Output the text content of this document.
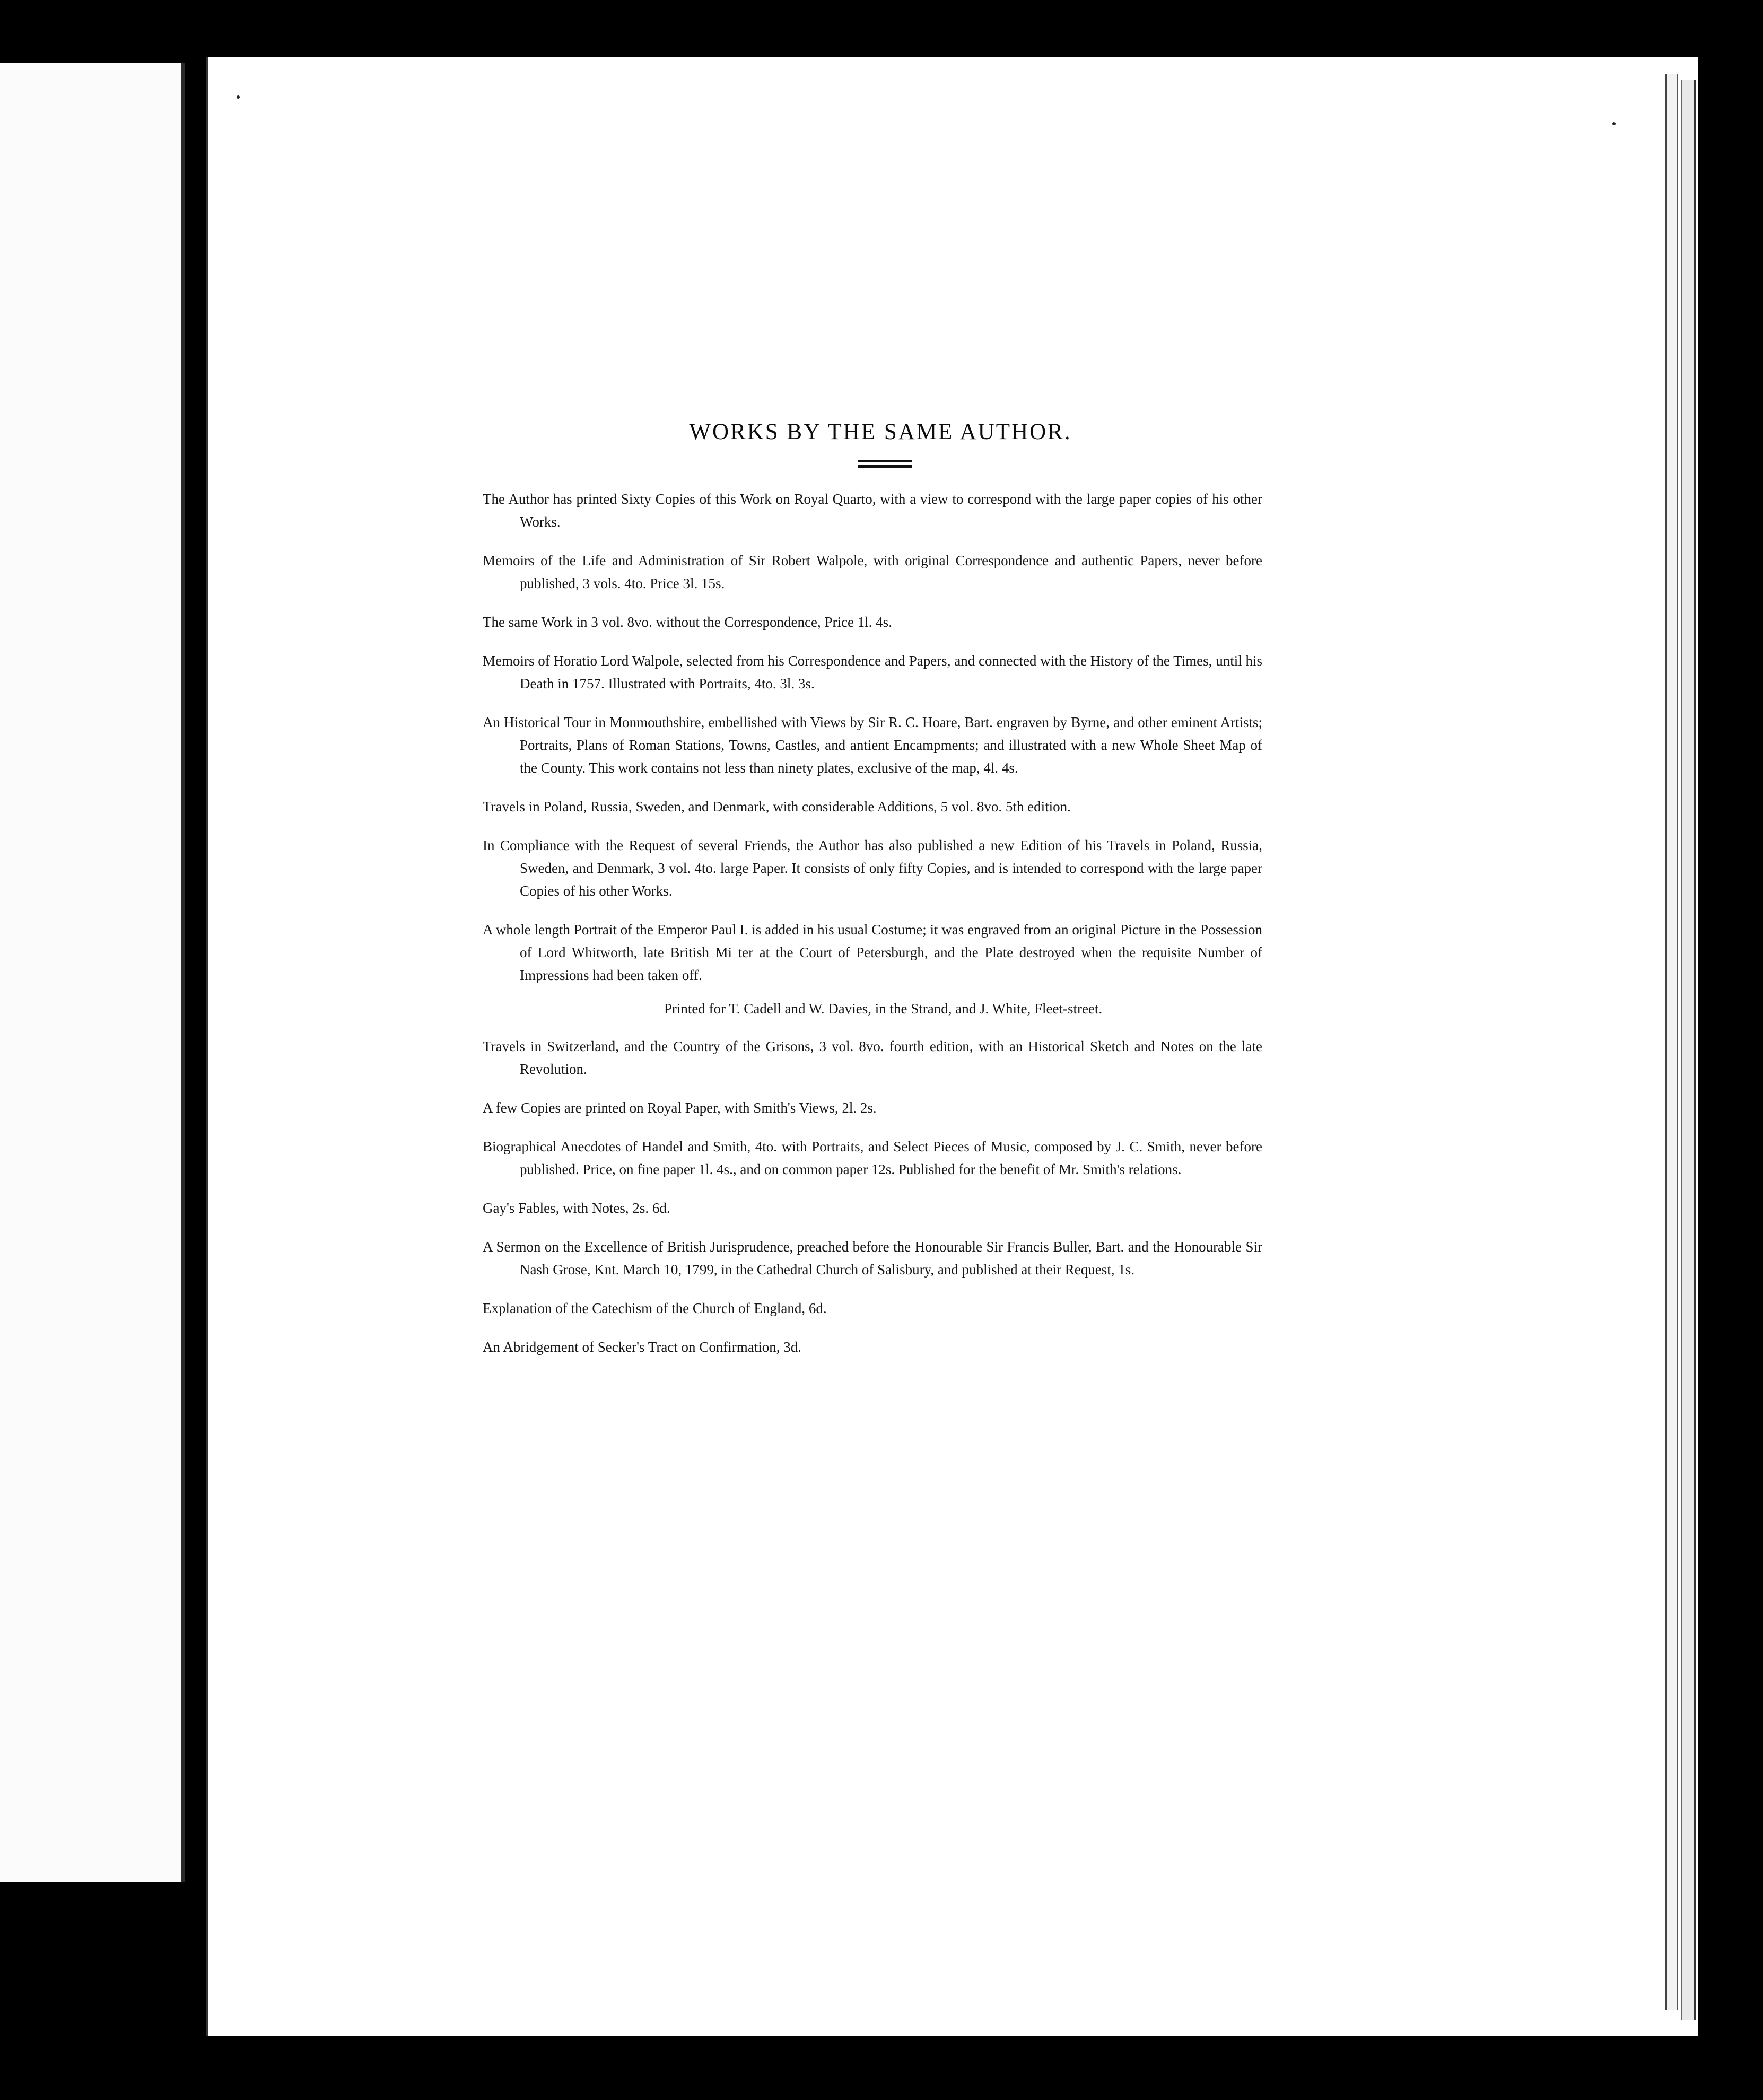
WORKS BY THE SAME AUTHOR.

The Author has printed Sixty Copies of this Work on Royal Quarto, with a view to correspond with the large paper copies of his other Works.

Memoirs of the Life and Administration of Sir Robert Walpole, with original Correspondence and authentic Papers, never before published, 3 vols. 4to. Price 3l. 15s.

The same Work in 3 vol. 8vo. without the Correspondence, Price 1l. 4s.

Memoirs of Horatio Lord Walpole, selected from his Correspondence and Papers, and connected with the History of the Times, until his Death in 1757. Illustrated with Portraits, 4to. 3l. 3s.

An Historical Tour in Monmouthshire, embellished with Views by Sir R. C. Hoare, Bart. engraven by Byrne, and other eminent Artists; Portraits, Plans of Roman Stations, Towns, Castles, and antient Encampments; and illustrated with a new Whole Sheet Map of the County. This work contains not less than ninety plates, exclusive of the map, 4l. 4s.

Travels in Poland, Russia, Sweden, and Denmark, with considerable Additions, 5 vol. 8vo. 5th edition.

In Compliance with the Request of several Friends, the Author has also published a new Edition of his Travels in Poland, Russia, Sweden, and Denmark, 3 vol. 4to. large Paper. It consists of only fifty Copies, and is intended to correspond with the large paper Copies of his other Works.

A whole length Portrait of the Emperor Paul I. is added in his usual Costume; it was engraved from an original Picture in the Possession of Lord Whitworth, late British Mi ter at the Court of Petersburgh, and the Plate destroyed when the requisite Number of Impressions had been taken off.

Printed for T. Cadell and W. Davies, in the Strand, and J. White, Fleet-street.

Travels in Switzerland, and the Country of the Grisons, 3 vol. 8vo. fourth edition, with an Historical Sketch and Notes on the late Revolution.

A few Copies are printed on Royal Paper, with Smith's Views, 2l. 2s.

Biographical Anecdotes of Handel and Smith, 4to. with Portraits, and Select Pieces of Music, composed by J. C. Smith, never before published. Price, on fine paper 1l. 4s., and on common paper 12s. Published for the benefit of Mr. Smith's relations.

Gay's Fables, with Notes, 2s. 6d.

A Sermon on the Excellence of British Jurisprudence, preached before the Honourable Sir Francis Buller, Bart. and the Honourable Sir Nash Grose, Knt. March 10, 1799, in the Cathedral Church of Salisbury, and published at their Request, 1s.

Explanation of the Catechism of the Church of England, 6d.

An Abridgement of Secker's Tract on Confirmation, 3d.
